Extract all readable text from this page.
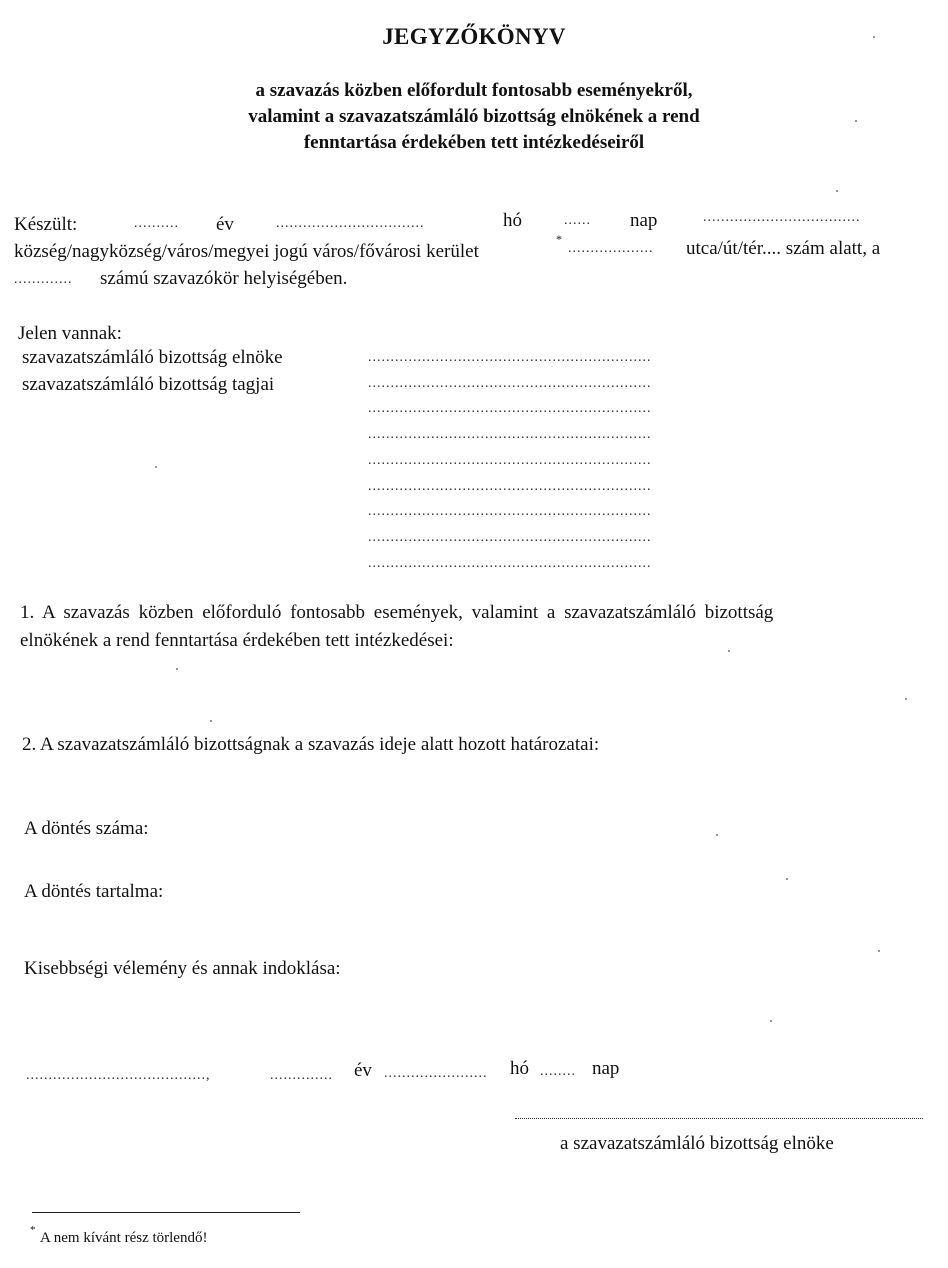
JEGYZŐKÖNYV
a szavazás közben előfordult fontosabb eseményekről,
valamint a szavazatszámláló bizottság elnökének a rend
fenntartása érdekében tett intézkedéseiről
Készült:	.......... év	.................................	hó	...... nap	...................................
község/nagyközség/város/megyei jogú város/fővárosi kerület
*
................... utca/út/tér.... szám alatt, a
............. számú szavazókör helyiségében.
Jelen vannak:
szavazatszámláló bizottság elnöke
szavazatszámláló bizottság tagjai
...............................................................
...............................................................
...............................................................
...............................................................
...............................................................
...............................................................
...............................................................
...............................................................
...............................................................
1. A szavazás közben előforduló fontosabb események, valamint a szavazatszámláló bizottság
elnökének a rend fenntartása érdekében tett intézkedései:
2. A szavazatszámláló bizottságnak a szavazás ideje alatt hozott határozatai:
A döntés száma:
A döntés tartalma:
Kisebbségi vélemény és annak indoklása:
........................................,	.............. év ....................... hó ........ nap
a szavazatszámláló bizottság elnöke
* A nem kívánt rész törlendő!
